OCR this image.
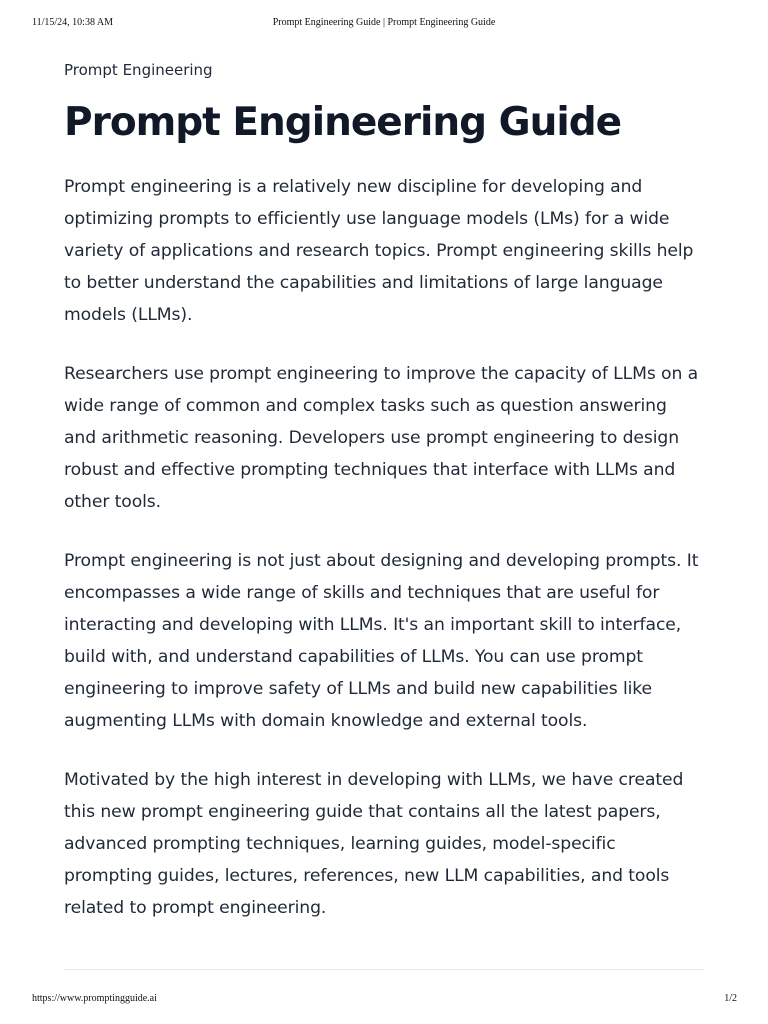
11/15/24, 10:38 AM	Prompt Engineering Guide | Prompt Engineering Guide

Prompt Engineering

Prompt Engineering Guide

Prompt engineering is a relatively new discipline for developing and optimizing prompts to efficiently use language models (LMs) for a wide variety of applications and research topics. Prompt engineering skills help to better understand the capabilities and limitations of large language models (LLMs).

Researchers use prompt engineering to improve the capacity of LLMs on a wide range of common and complex tasks such as question answering and arithmetic reasoning. Developers use prompt engineering to design robust and effective prompting techniques that interface with LLMs and other tools.

Prompt engineering is not just about designing and developing prompts. It encompasses a wide range of skills and techniques that are useful for interacting and developing with LLMs. It's an important skill to interface, build with, and understand capabilities of LLMs. You can use prompt engineering to improve safety of LLMs and build new capabilities like augmenting LLMs with domain knowledge and external tools.

Motivated by the high interest in developing with LLMs, we have created this new prompt engineering guide that contains all the latest papers, advanced prompting techniques, learning guides, model-specific prompting guides, lectures, references, new LLM capabilities, and tools related to prompt engineering.

https://www.promptingguide.ai	1/2
